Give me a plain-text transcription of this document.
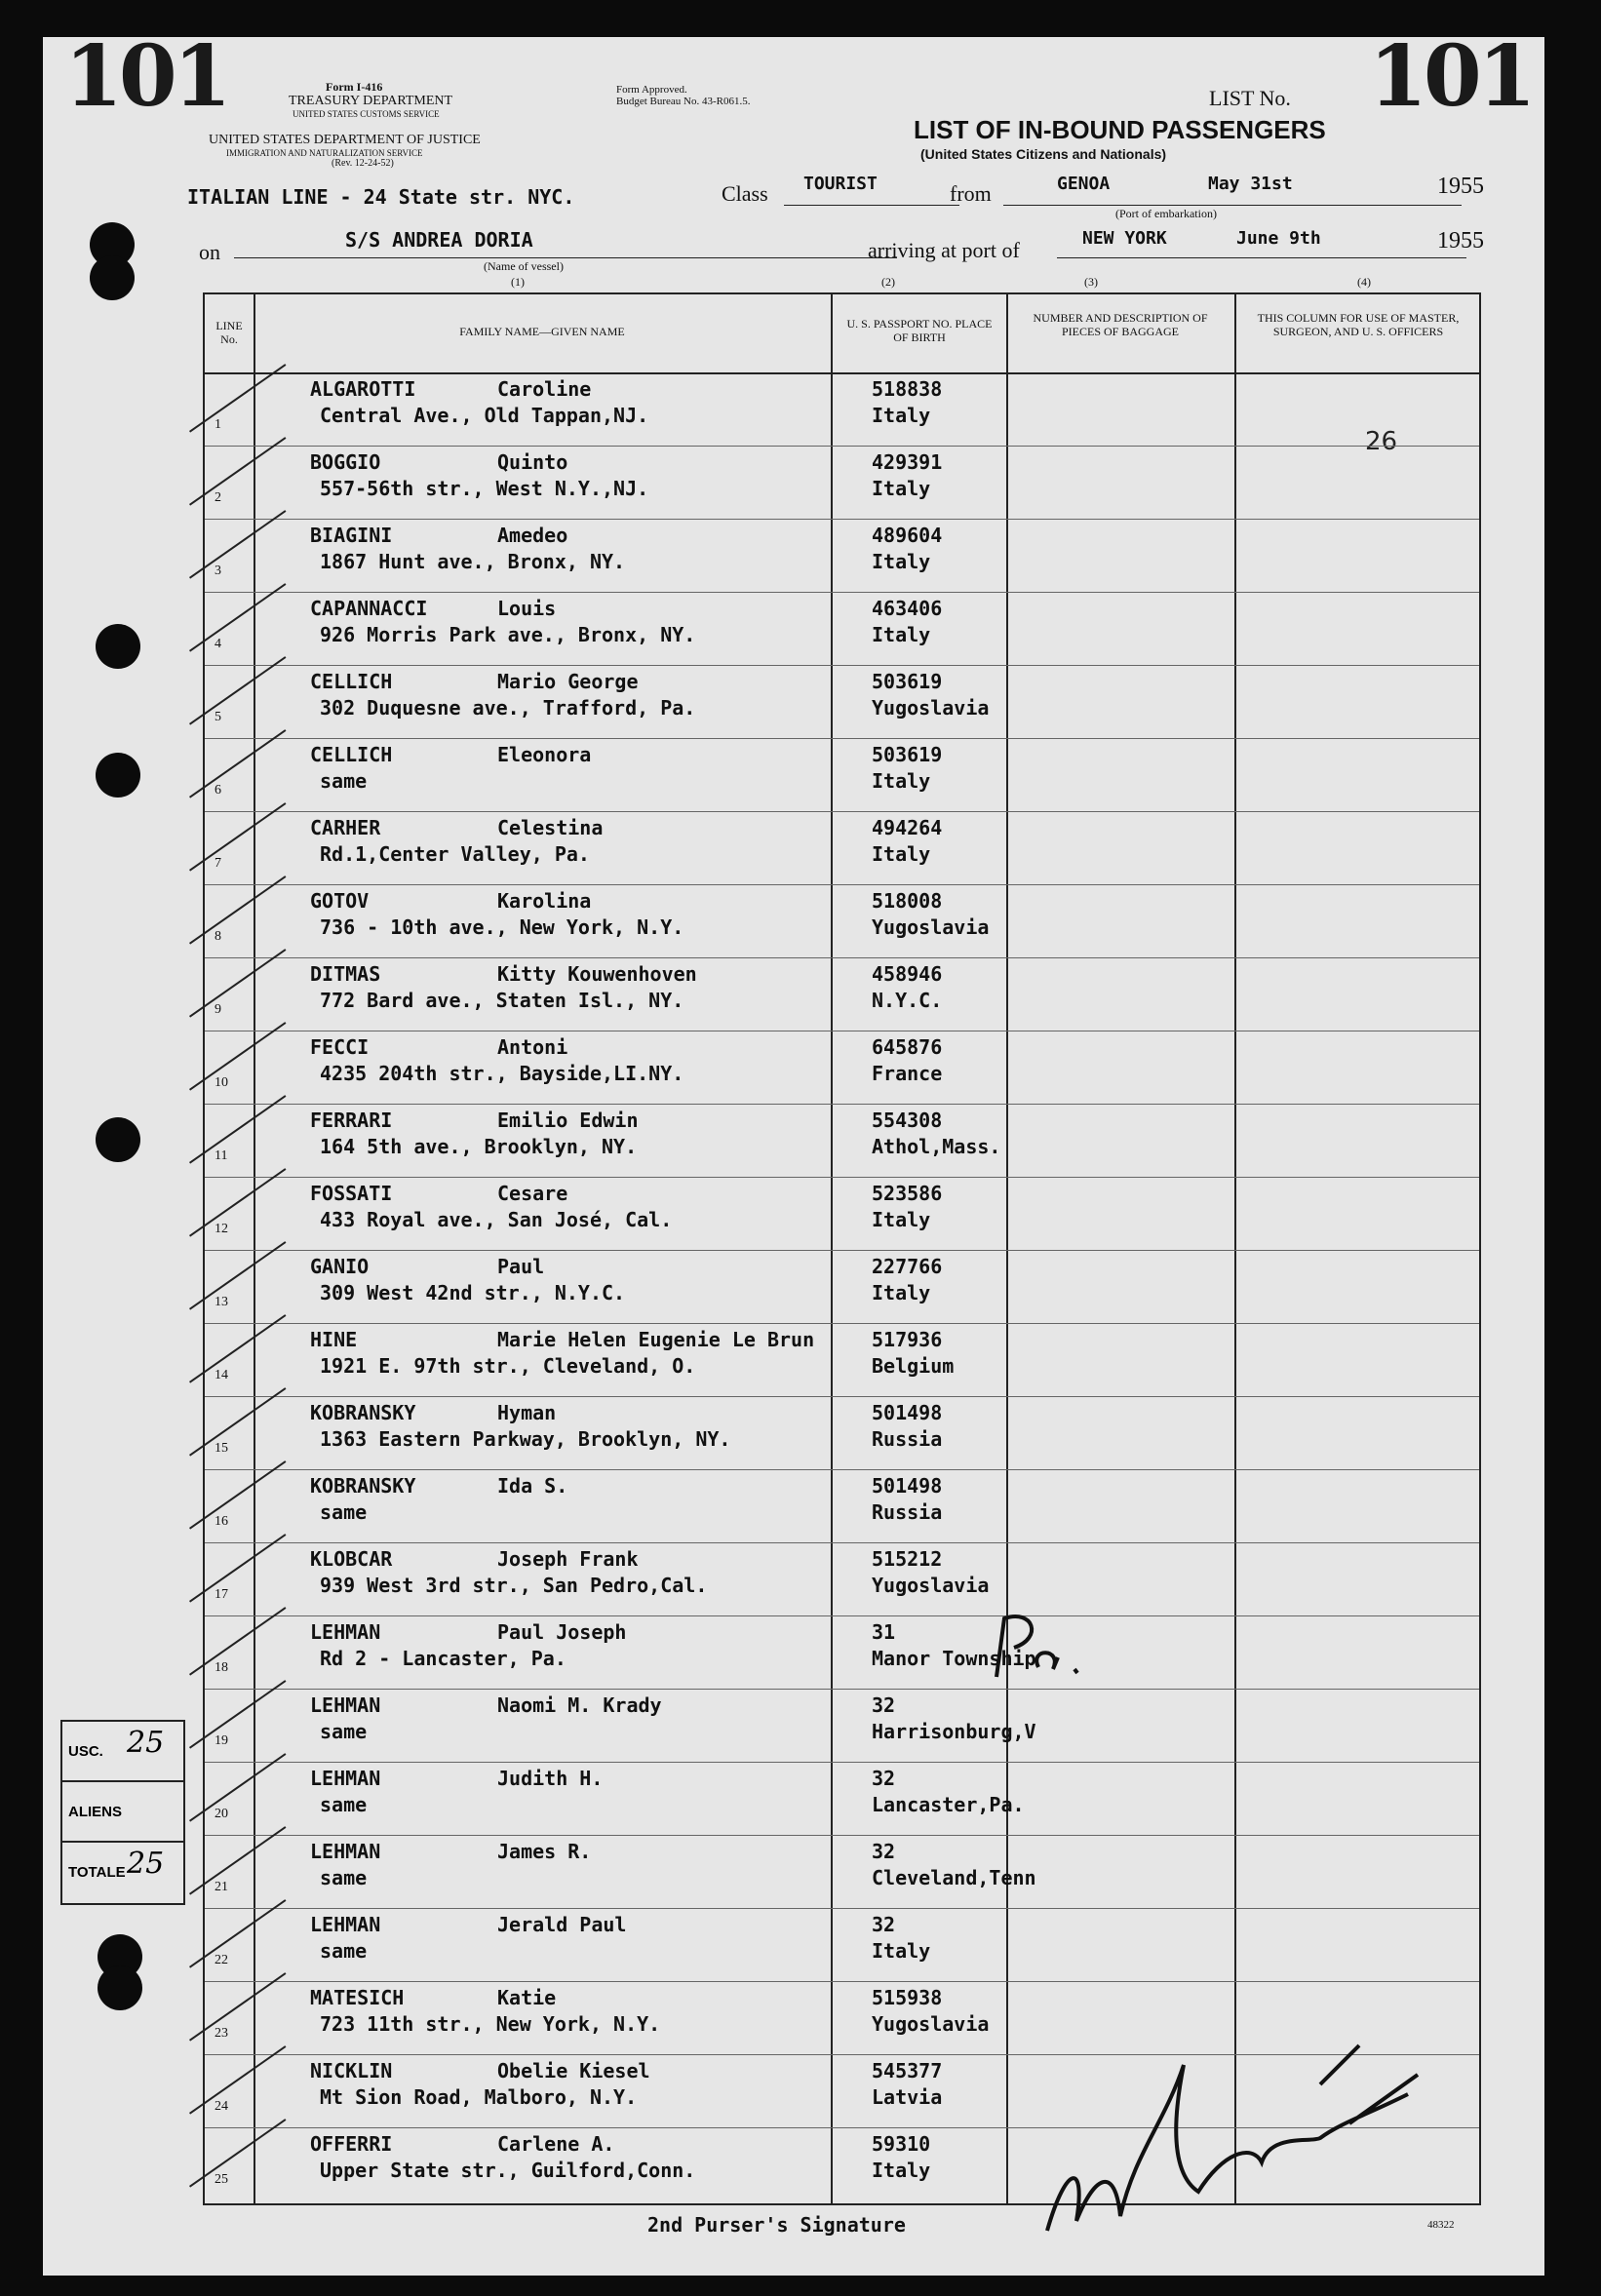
101	101
Form I-416
TREASURY DEPARTMENT
UNITED STATES CUSTOMS SERVICE
UNITED STATES DEPARTMENT OF JUSTICE
IMMIGRATION AND NATURALIZATION SERVICE
(Rev. 12-24-52)
Form Approved.
Budget Bureau No. 43-R061.5.	LIST No.
LIST OF IN-BOUND PASSENGERS
(United States Citizens and Nationals)
ITALIAN LINE - 24 State str. NYC.	Class TOURIST	from	GENOA	May 31st	1955
(Port of embarkation)
on	S/S ANDREA DORIA
(Name of vessel)
arriving at port of	NEW YORK	June 9th	1955
(1)	(2)	(3)	(4)
USC. 25
ALIENS
TOTALE 25
LINE No.
FAMILY NAME—GIVEN NAME
U. S. PASSPORT NO. PLACE OF BIRTH
NUMBER AND DESCRIPTION OF PIECES OF BAGGAGE
THIS COLUMN FOR USE OF MASTER, SURGEON, AND U. S. OFFICERS
26
1
ALGAROTTI	Caroline
Central Ave., Old Tappan,NJ.
518838
Italy
2
BOGGIO	Quinto
557-56th str., West N.Y.,NJ.
429391
Italy
3
BIAGINI	Amedeo
1867 Hunt ave., Bronx, NY.
489604
Italy
4
CAPANNACCI	Louis
926 Morris Park ave., Bronx, NY.
463406
Italy
5
CELLICH	Mario George
302 Duquesne ave., Trafford, Pa.
503619
Yugoslavia
6
CELLICH	Eleonora
same
503619
Italy
7
CARHER	Celestina
Rd.1,Center Valley, Pa.
494264
Italy
8
GOTOV	Karolina
736 - 10th ave., New York, N.Y.
518008
Yugoslavia
9
DITMAS	Kitty Kouwenhoven
772 Bard ave., Staten Isl., NY.
458946
N.Y.C.
10
FECCI	Antoni
4235 204th str., Bayside,LI.NY.
645876
France
11
FERRARI	Emilio Edwin
164 5th ave., Brooklyn, NY.
554308
Athol,Mass.
12
FOSSATI	Cesare
433 Royal ave., San José, Cal.
523586
Italy
13
GANIO	Paul
309 West 42nd str., N.Y.C.
227766
Italy
14
HINE	Marie Helen Eugenie Le Brun
1921 E. 97th str., Cleveland, O.
517936
Belgium
15
KOBRANSKY	Hyman
1363 Eastern Parkway, Brooklyn, NY.
501498
Russia
16
KOBRANSKY	Ida S.
same
501498
Russia
17
KLOBCAR	Joseph Frank
939 West 3rd str., San Pedro,Cal.
515212
Yugoslavia
18
LEHMAN	Paul Joseph
Rd 2 - Lancaster, Pa.
31
Manor Township
19
LEHMAN	Naomi M. Krady
same
32
Harrisonburg,V
20
LEHMAN	Judith H.
same
32
Lancaster,Pa.
21
LEHMAN	James R.
same
32
Cleveland,Tenn
22
LEHMAN	Jerald Paul
same
32
Italy
23
MATESICH	Katie
723 11th str., New York, N.Y.
515938
Yugoslavia
24
NICKLIN	Obelie Kiesel
Mt Sion Road, Malboro, N.Y.
545377
Latvia
25
OFFERRI	Carlene A.
Upper State str., Guilford,Conn.
59310
Italy
2nd Purser's Signature	48322
